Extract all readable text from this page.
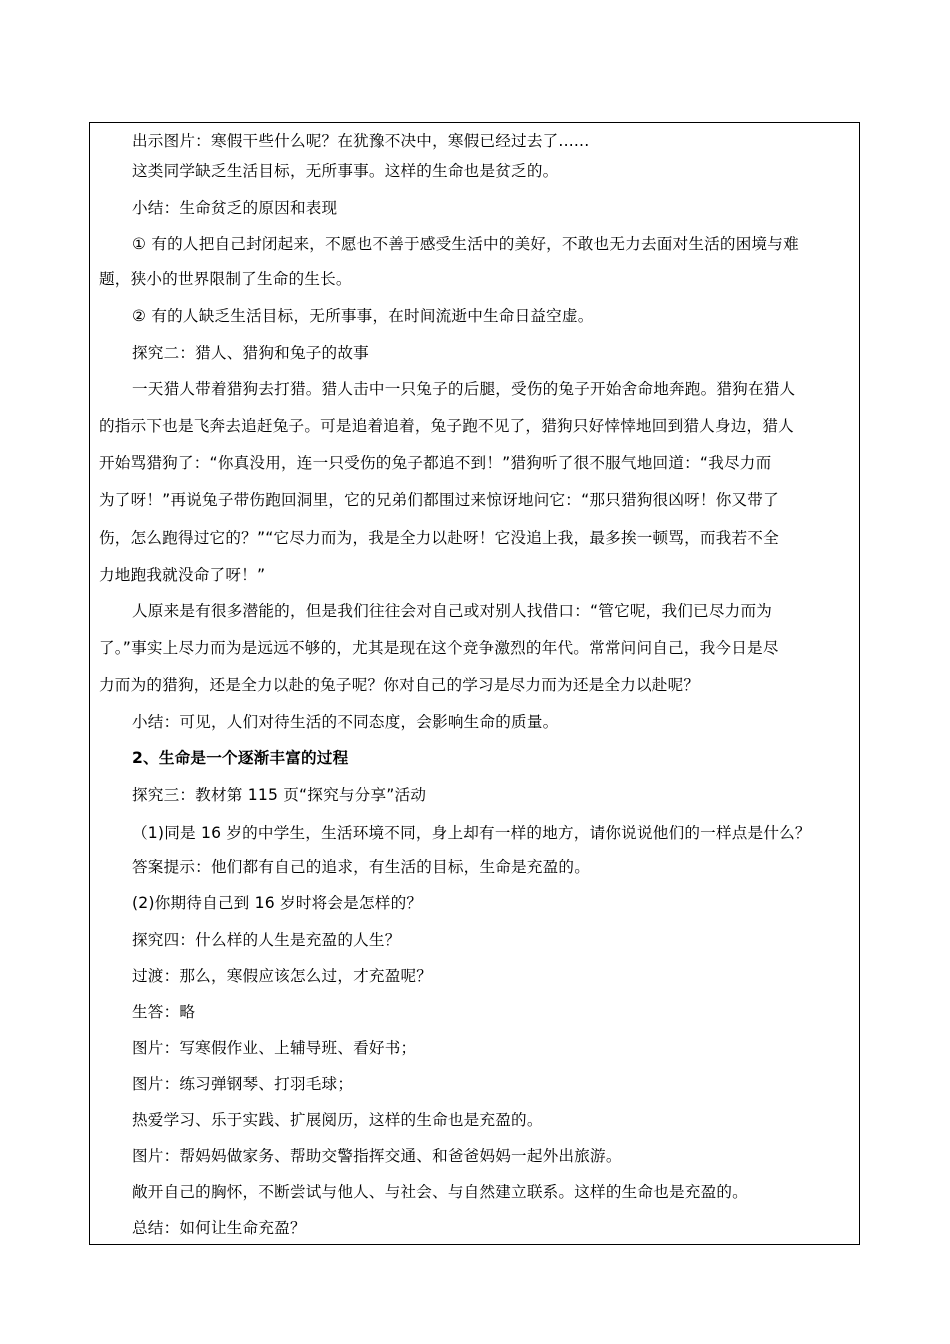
出示图片：寒假干些什么呢？在犹豫不决中，寒假已经过去了......
这类同学缺乏生活目标，无所事事。这样的生命也是贫乏的。
小结：生命贫乏的原因和表现
① 有的人把自己封闭起来，不愿也不善于感受生活中的美好，不敢也无力去面对生活的困境与难
题，狭小的世界限制了生命的生长。
② 有的人缺乏生活目标，无所事事，在时间流逝中生命日益空虚。
探究二：猎人、猎狗和兔子的故事
一天猎人带着猎狗去打猎。猎人击中一只兔子的后腿，受伤的兔子开始舍命地奔跑。猎狗在猎人
的指示下也是飞奔去追赶兔子。可是追着追着，兔子跑不见了，猎狗只好悻悻地回到猎人身边，猎人
开始骂猎狗了：“你真没用，连一只受伤的兔子都追不到！”猎狗听了很不服气地回道：“我尽力而
为了呀！”再说兔子带伤跑回洞里，它的兄弟们都围过来惊讶地问它：“那只猎狗很凶呀！你又带了
伤，怎么跑得过它的？”“它尽力而为，我是全力以赴呀！它没追上我，最多挨一顿骂，而我若不全
力地跑我就没命了呀！”
人原来是有很多潜能的，但是我们往往会对自己或对别人找借口：“管它呢，我们已尽力而为
了。”事实上尽力而为是远远不够的，尤其是现在这个竞争激烈的年代。常常问问自己，我今日是尽
力而为的猎狗，还是全力以赴的兔子呢？你对自己的学习是尽力而为还是全力以赴呢？
小结：可见，人们对待生活的不同态度，会影响生命的质量。
2、生命是一个逐渐丰富的过程
探究三：教材第 115 页“探究与分享”活动
（1)同是 16 岁的中学生，生活环境不同，身上却有一样的地方，请你说说他们的一样点是什么？
答案提示：他们都有自己的追求，有生活的目标，生命是充盈的。
(2)你期待自己到 16 岁时将会是怎样的？
探究四：什么样的人生是充盈的人生？
过渡：那么，寒假应该怎么过，才充盈呢？
生答：略
图片：写寒假作业、上辅导班、看好书；
图片：练习弹钢琴、打羽毛球；
热爱学习、乐于实践、扩展阅历，这样的生命也是充盈的。
图片：帮妈妈做家务、帮助交警指挥交通、和爸爸妈妈一起外出旅游。
敞开自己的胸怀，不断尝试与他人、与社会、与自然建立联系。这样的生命也是充盈的。
总结：如何让生命充盈？
